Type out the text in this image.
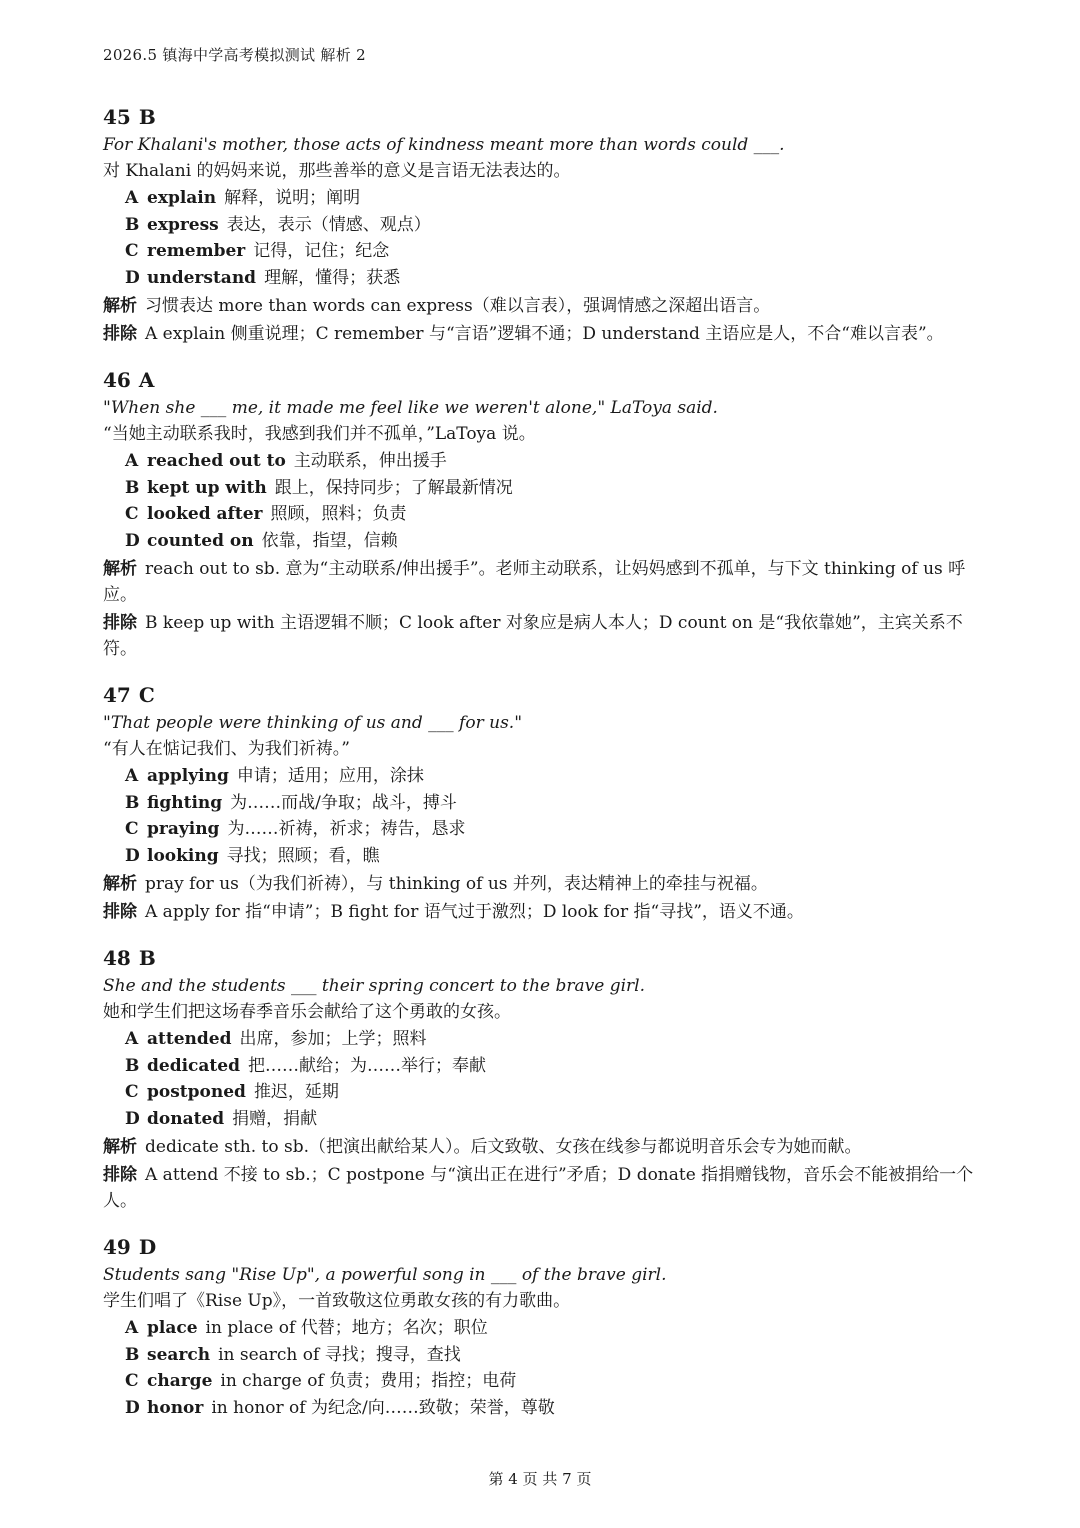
2026.5 镇海中学高考模拟测试 解析 2
45 B
For Khalani's mother, those acts of kindness meant more than words could ___.
对 Khalani 的妈妈来说，那些善举的意义是言语无法表达的。
A explain 解释，说明；阐明
B express 表达，表示（情感、观点）
C remember 记得，记住；纪念
D understand 理解，懂得；获悉
解析 习惯表达 more than words can express（难以言表），强调情感之深超出语言。
排除 A explain 侧重说理；C remember 与“言语”逻辑不通；D understand 主语应是人，不合“难以言表”。
46 A
"When she ___ me, it made me feel like we weren't alone," LaToya said.
“当她主动联系我时，我感到我们并不孤单，”LaToya 说。
A reached out to 主动联系，伸出援手
B kept up with 跟上，保持同步；了解最新情况
C looked after 照顾，照料；负责
D counted on 依靠，指望，信赖
解析 reach out to sb. 意为“主动联系/伸出援手”。老师主动联系，让妈妈感到不孤单，与下文 thinking of us 呼应。
排除 B keep up with 主语逻辑不顺；C look after 对象应是病人本人；D count on 是“我依靠她”，主宾关系不符。
47 C
"That people were thinking of us and ___ for us."
“有人在惦记我们、为我们祈祷。”
A applying 申请；适用；应用，涂抹
B fighting 为……而战/争取；战斗，搏斗
C praying 为……祈祷，祈求；祷告，恳求
D looking 寻找；照顾；看，瞧
解析 pray for us（为我们祈祷），与 thinking of us 并列，表达精神上的牵挂与祝福。
排除 A apply for 指“申请”；B fight for 语气过于激烈；D look for 指“寻找”，语义不通。
48 B
She and the students ___ their spring concert to the brave girl.
她和学生们把这场春季音乐会献给了这个勇敢的女孩。
A attended 出席，参加；上学；照料
B dedicated 把……献给；为……举行；奉献
C postponed 推迟，延期
D donated 捐赠，捐献
解析 dedicate sth. to sb.（把演出献给某人）。后文致敬、女孩在线参与都说明音乐会专为她而献。
排除 A attend 不接 to sb.；C postpone 与“演出正在进行”矛盾；D donate 指捐赠钱物，音乐会不能被捐给一个人。
49 D
Students sang "Rise Up", a powerful song in ___ of the brave girl.
学生们唱了《Rise Up》，一首致敬这位勇敢女孩的有力歌曲。
A place in place of 代替；地方；名次；职位
B search in search of 寻找；搜寻，查找
C charge in charge of 负责；费用；指控；电荷
D honor in honor of 为纪念/向……致敬；荣誉，尊敬
第 4 页 共 7 页
